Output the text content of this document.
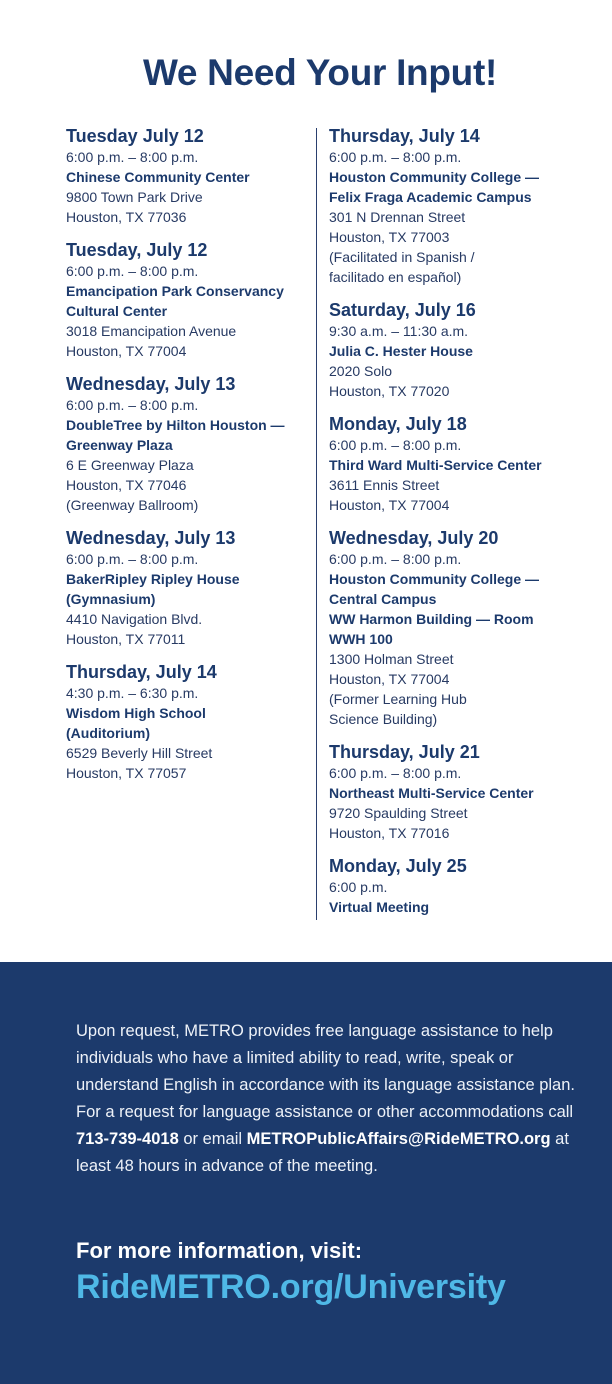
We Need Your Input!
Tuesday July 12
6:00 p.m. – 8:00 p.m.
Chinese Community Center
9800 Town Park Drive
Houston, TX 77036
Tuesday, July 12
6:00 p.m. – 8:00 p.m.
Emancipation Park Conservancy
Cultural Center
3018 Emancipation Avenue
Houston, TX 77004
Wednesday, July 13
6:00 p.m. – 8:00 p.m.
DoubleTree by Hilton Houston —
Greenway Plaza
6 E Greenway Plaza
Houston, TX 77046
(Greenway Ballroom)
Wednesday, July 13
6:00 p.m. – 8:00 p.m.
BakerRipley Ripley House
(Gymnasium)
4410 Navigation Blvd.
Houston, TX 77011
Thursday, July 14
4:30 p.m. – 6:30 p.m.
Wisdom High School
(Auditorium)
6529 Beverly Hill Street
Houston, TX 77057
Thursday, July 14
6:00 p.m. – 8:00 p.m.
Houston Community College —
Felix Fraga Academic Campus
301 N Drennan Street
Houston, TX 77003
(Facilitated in Spanish /
facilitado en español)
Saturday, July 16
9:30 a.m. – 11:30 a.m.
Julia C. Hester House
2020 Solo
Houston, TX 77020
Monday, July 18
6:00 p.m. – 8:00 p.m.
Third Ward Multi-Service Center
3611 Ennis Street
Houston, TX 77004
Wednesday, July 20
6:00 p.m. – 8:00 p.m.
Houston Community College —
Central Campus
WW Harmon Building — Room
WWH 100
1300 Holman Street
Houston, TX 77004
(Former Learning Hub
Science Building)
Thursday, July 21
6:00 p.m. – 8:00 p.m.
Northeast Multi-Service Center
9720 Spaulding Street
Houston, TX 77016
Monday, July 25
6:00 p.m.
Virtual Meeting
Upon request, METRO provides free language assistance to help individuals who have a limited ability to read, write, speak or understand English in accordance with its language assistance plan. For a request for language assistance or other accommodations call 713-739-4018 or email METROPublicAffairs@RideMETRO.org at least 48 hours in advance of the meeting.
For more information, visit:
RideMETRO.org/University
